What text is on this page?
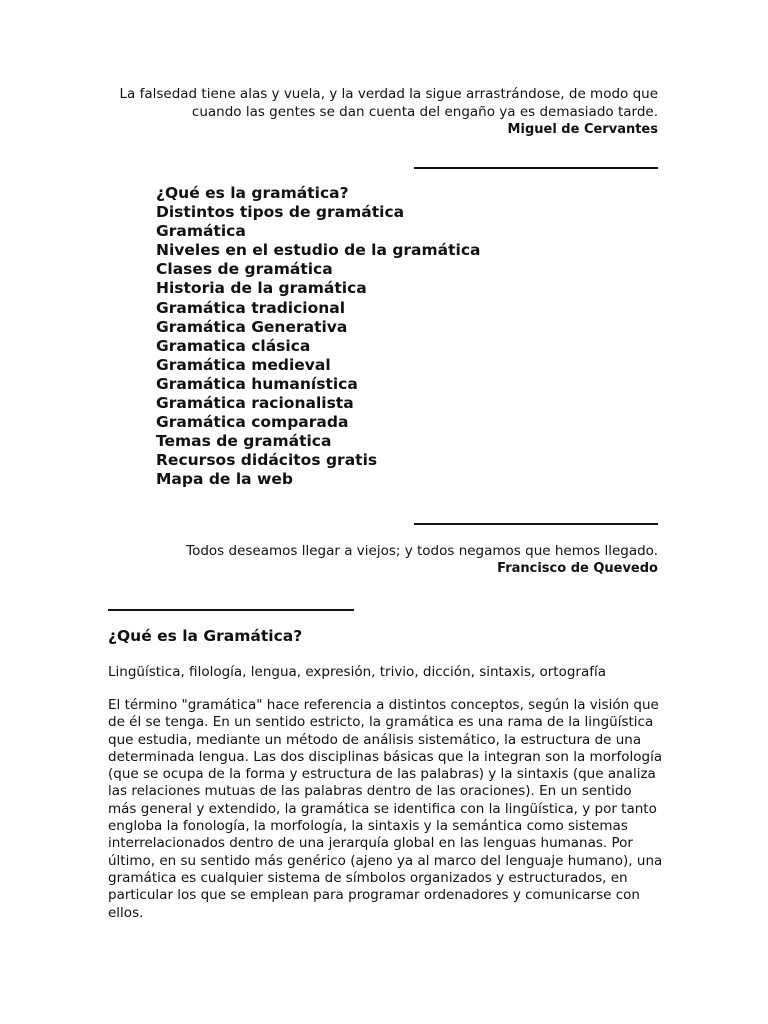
La falsedad tiene alas y vuela, y la verdad la sigue arrastrándose, de modo que cuando las gentes se dan cuenta del engaño ya es demasiado tarde.
Miguel de Cervantes
¿Qué es la gramática?
Distintos tipos de gramática
Gramática
Niveles en el estudio de la gramática
Clases de gramática
Historia de la gramática
Gramática tradicional
Gramática Generativa
Gramatica clásica
Gramática medieval
Gramática humanística
Gramática racionalista
Gramática comparada
Temas de gramática
Recursos didácitos gratis
Mapa de la web
Todos deseamos llegar a viejos; y todos negamos que hemos llegado.
Francisco de Quevedo
¿Qué es la Gramática?

Lingüística, filología, lengua, expresión, trivio, dicción, sintaxis, ortografía

El término "gramática" hace referencia a distintos conceptos, según la visión que de él se tenga. En un sentido estricto, la gramática es una rama de la lingüística que estudia, mediante un método de análisis sistemático, la estructura de una determinada lengua. Las dos disciplinas básicas que la integran son la morfología (que se ocupa de la forma y estructura de las palabras) y la sintaxis (que analiza las relaciones mutuas de las palabras dentro de las oraciones). En un sentido más general y extendido, la gramática se identifica con la lingüística, y por tanto engloba la fonología, la morfología, la sintaxis y la semántica como sistemas interrelacionados dentro de una jerarquía global en las lenguas humanas. Por último, en su sentido más genérico (ajeno ya al marco del lenguaje humano), una gramática es cualquier sistema de símbolos organizados y estructurados, en particular los que se emplean para programar ordenadores y comunicarse con ellos.
